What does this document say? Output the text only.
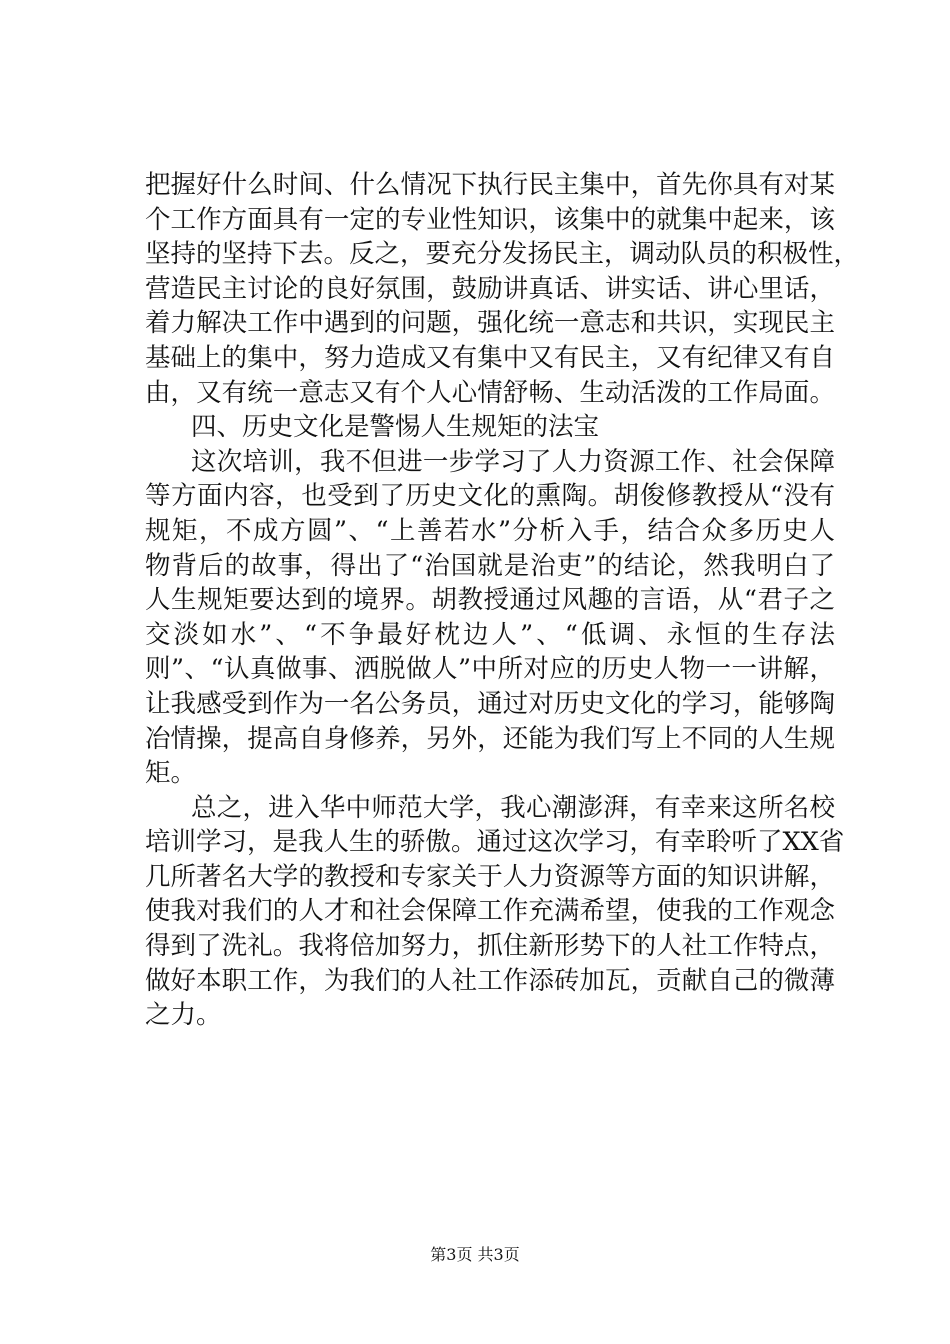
把握好什么时间、什么情况下执行民主集中，首先你具有对某
个工作方面具有一定的专业性知识，该集中的就集中起来，该
坚持的坚持下去。反之，要充分发扬民主，调动队员的积极性，
营造民主讨论的良好氛围，鼓励讲真话、讲实话、讲心里话，
着力解决工作中遇到的问题，强化统一意志和共识，实现民主
基础上的集中，努力造成又有集中又有民主，又有纪律又有自
由，又有统一意志又有个人心情舒畅、生动活泼的工作局面。
四、历史文化是警惕人生规矩的法宝
这次培训，我不但进一步学习了人力资源工作、社会保障
等方面内容，也受到了历史文化的熏陶。胡俊修教授从“没有
规矩，不成方圆”、“上善若水”分析入手，结合众多历史人
物背后的故事，得出了“治国就是治吏”的结论，然我明白了
人生规矩要达到的境界。胡教授通过风趣的言语，从“君子之
交淡如水”、“不争最好枕边人”、“低调、永恒的生存法
则”、“认真做事、洒脱做人”中所对应的历史人物一一讲解，
让我感受到作为一名公务员，通过对历史文化的学习，能够陶
冶情操，提高自身修养，另外，还能为我们写上不同的人生规
矩。
总之，进入华中师范大学，我心潮澎湃，有幸来这所名校
培训学习，是我人生的骄傲。通过这次学习，有幸聆听了XX省
几所著名大学的教授和专家关于人力资源等方面的知识讲解，
使我对我们的人才和社会保障工作充满希望，使我的工作观念
得到了洗礼。我将倍加努力，抓住新形势下的人社工作特点，
做好本职工作，为我们的人社工作添砖加瓦，贡献自己的微薄
之力。
第3页 共3页
